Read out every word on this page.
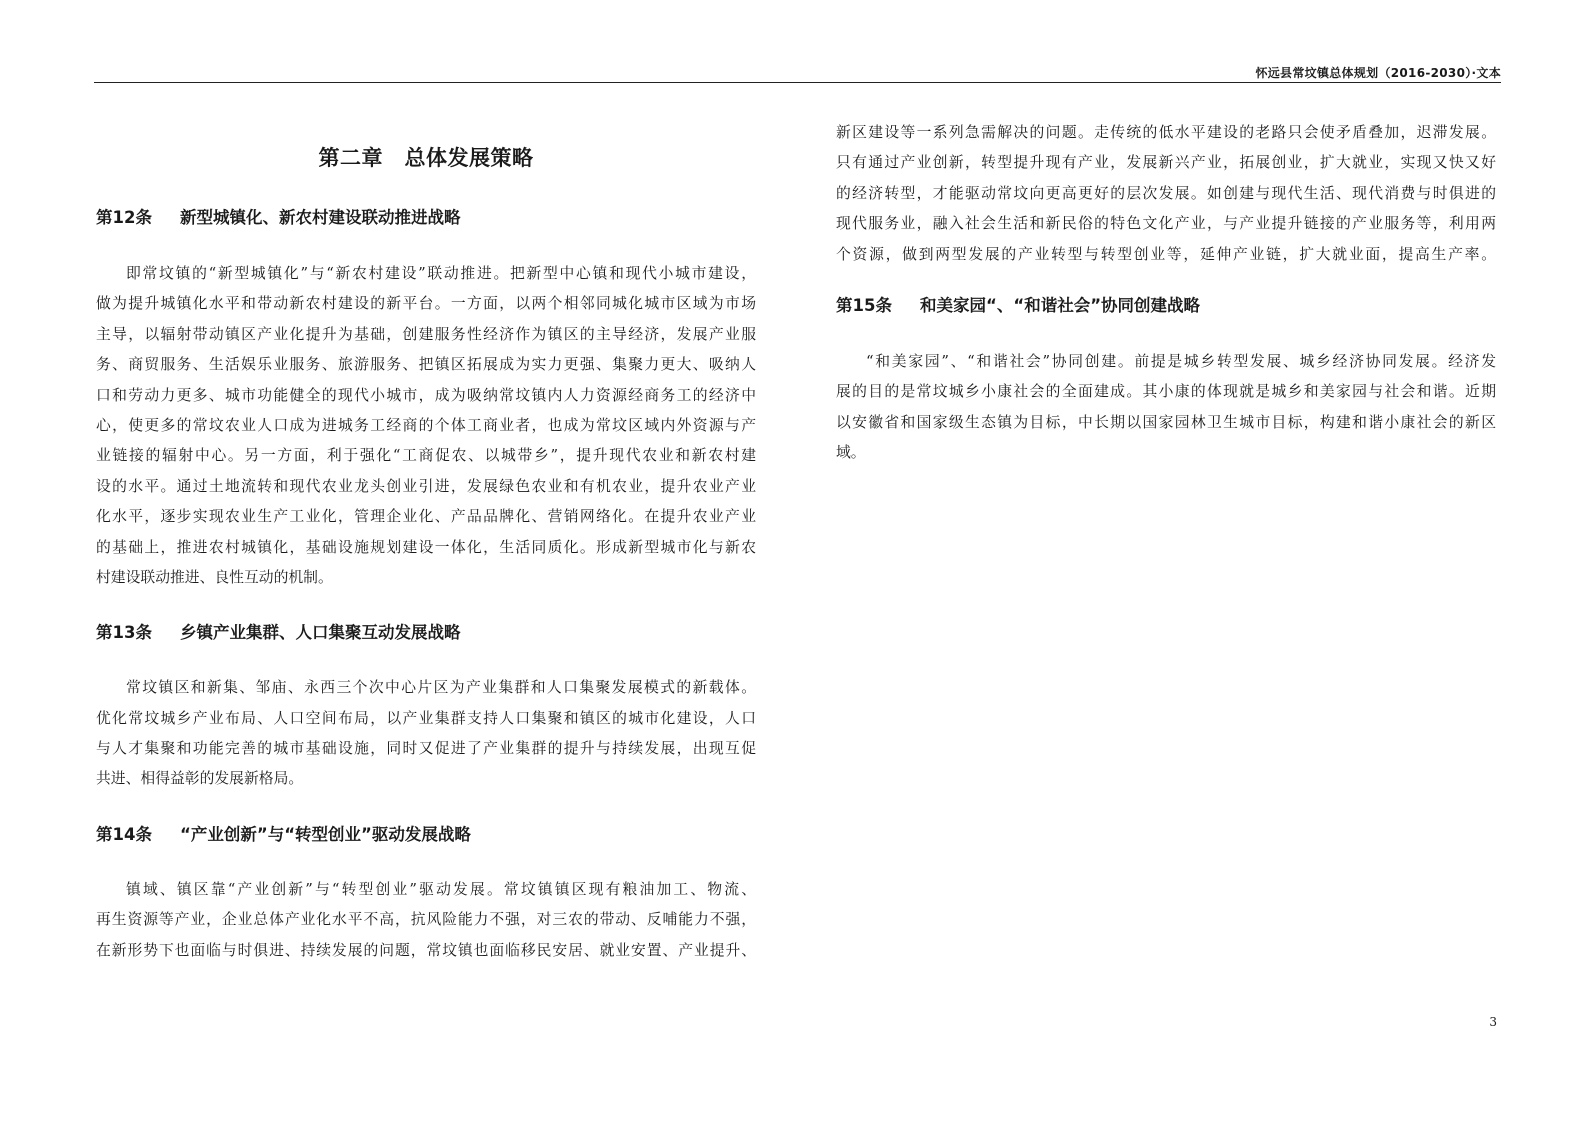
怀远县常坟镇总体规划（2016-2030）·文本
第二章　总体发展策略
第12条	新型城镇化、新农村建设联动推进战略
即常坟镇的“新型城镇化”与“新农村建设”联动推进。把新型中心镇和现代小城市建设，
做为提升城镇化水平和带动新农村建设的新平台。一方面，以两个相邻同城化城市区域为市场
主导，以辐射带动镇区产业化提升为基础，创建服务性经济作为镇区的主导经济，发展产业服
务、商贸服务、生活娱乐业服务、旅游服务、把镇区拓展成为实力更强、集聚力更大、吸纳人
口和劳动力更多、城市功能健全的现代小城市，成为吸纳常坟镇内人力资源经商务工的经济中
心，使更多的常坟农业人口成为进城务工经商的个体工商业者，也成为常坟区域内外资源与产
业链接的辐射中心。另一方面，利于强化“工商促农、以城带乡”，提升现代农业和新农村建
设的水平。通过土地流转和现代农业龙头创业引进，发展绿色农业和有机农业，提升农业产业
化水平，逐步实现农业生产工业化，管理企业化、产品品牌化、营销网络化。在提升农业产业
的基础上，推进农村城镇化，基础设施规划建设一体化，生活同质化。形成新型城市化与新农
村建设联动推进、良性互动的机制。
第13条	乡镇产业集群、人口集聚互动发展战略
常坟镇区和新集、邹庙、永西三个次中心片区为产业集群和人口集聚发展模式的新载体。
优化常坟城乡产业布局、人口空间布局，以产业集群支持人口集聚和镇区的城市化建设，人口
与人才集聚和功能完善的城市基础设施，同时又促进了产业集群的提升与持续发展，出现互促
共进、相得益彰的发展新格局。
第14条	“产业创新”与“转型创业”驱动发展战略
镇域、镇区靠“产业创新”与“转型创业”驱动发展。常坟镇镇区现有粮油加工、物流、
再生资源等产业，企业总体产业化水平不高，抗风险能力不强，对三农的带动、反哺能力不强，
在新形势下也面临与时俱进、持续发展的问题，常坟镇也面临移民安居、就业安置、产业提升、
新区建设等一系列急需解决的问题。走传统的低水平建设的老路只会使矛盾叠加，迟滞发展。
只有通过产业创新，转型提升现有产业，发展新兴产业，拓展创业，扩大就业，实现又快又好
的经济转型，才能驱动常坟向更高更好的层次发展。如创建与现代生活、现代消费与时俱进的
现代服务业，融入社会生活和新民俗的特色文化产业，与产业提升链接的产业服务等，利用两
个资源，做到两型发展的产业转型与转型创业等，延伸产业链，扩大就业面，提高生产率。
第15条	和美家园“、“和谐社会”协同创建战略
“和美家园”、“和谐社会”协同创建。前提是城乡转型发展、城乡经济协同发展。经济发
展的目的是常坟城乡小康社会的全面建成。其小康的体现就是城乡和美家园与社会和谐。近期
以安徽省和国家级生态镇为目标，中长期以国家园林卫生城市目标，构建和谐小康社会的新区
域。
3
